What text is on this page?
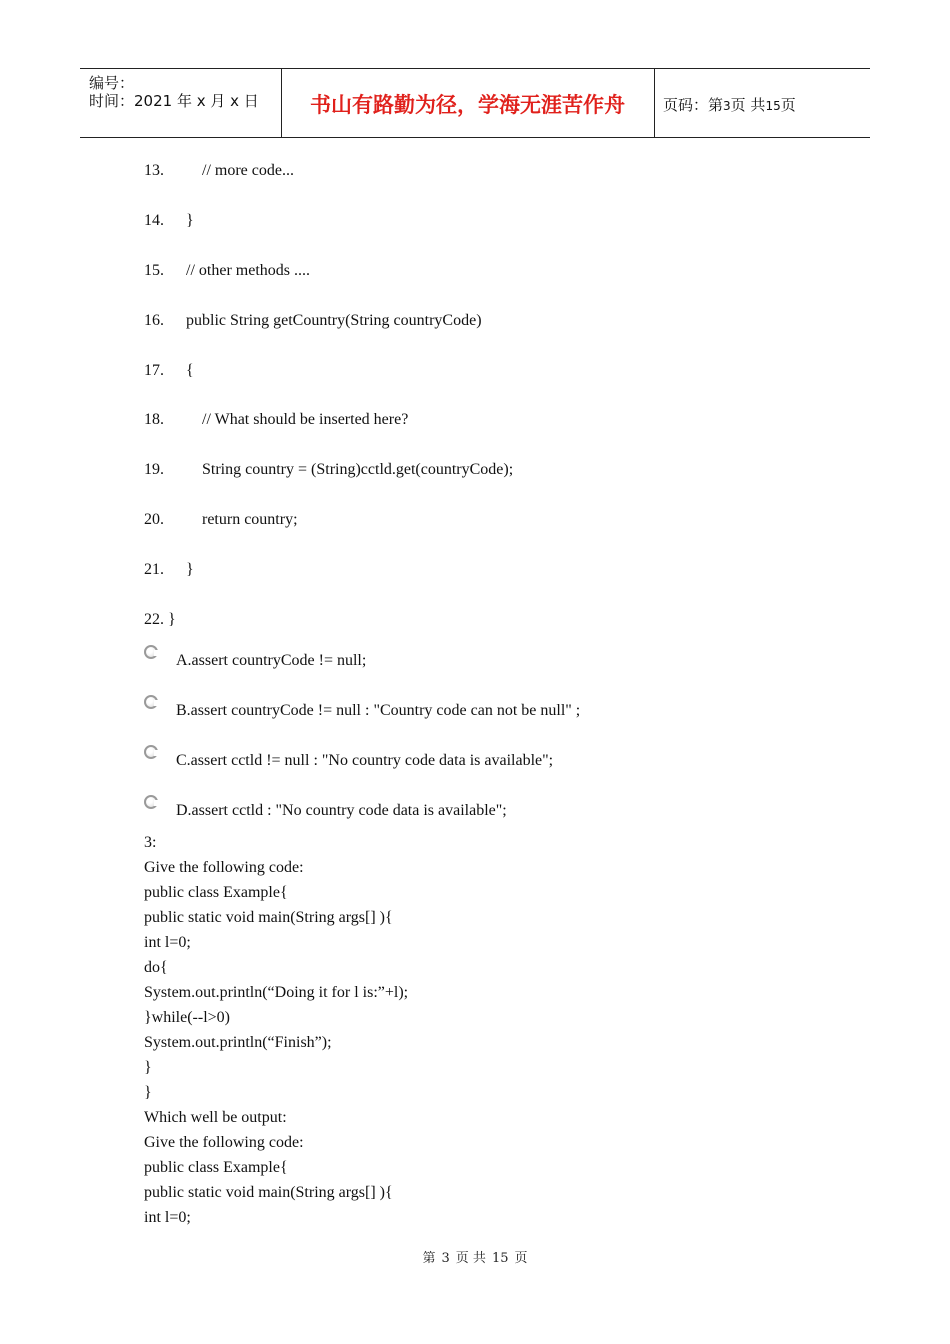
编号：
时间：2021 年 x 月 x 日	书山有路勤为径，学海无涯苦作舟	页码：第3页 共15页
13. // more code...
14. }
15. // other methods ....
16. public String getCountry(String countryCode)
17. {
18. // What should be inserted here?
19. String country = (String)cctld.get(countryCode);
20. return country;
21. }
22. }
A.assert countryCode != null;
B.assert countryCode != null : "Country code can not be null" ;
C.assert cctld != null : "No country code data is available";
D.assert cctld : "No country code data is available";
3:
Give the following code:
public class Example{
public static void main(String args[] ){
int l=0;
do{
System.out.println(“Doing it for l is:”+l);
}while(--l>0)
System.out.println(“Finish”);
}
}
Which well be output:
Give the following code:
public class Example{
public static void main(String args[] ){
int l=0;
第 3 页 共 15 页
